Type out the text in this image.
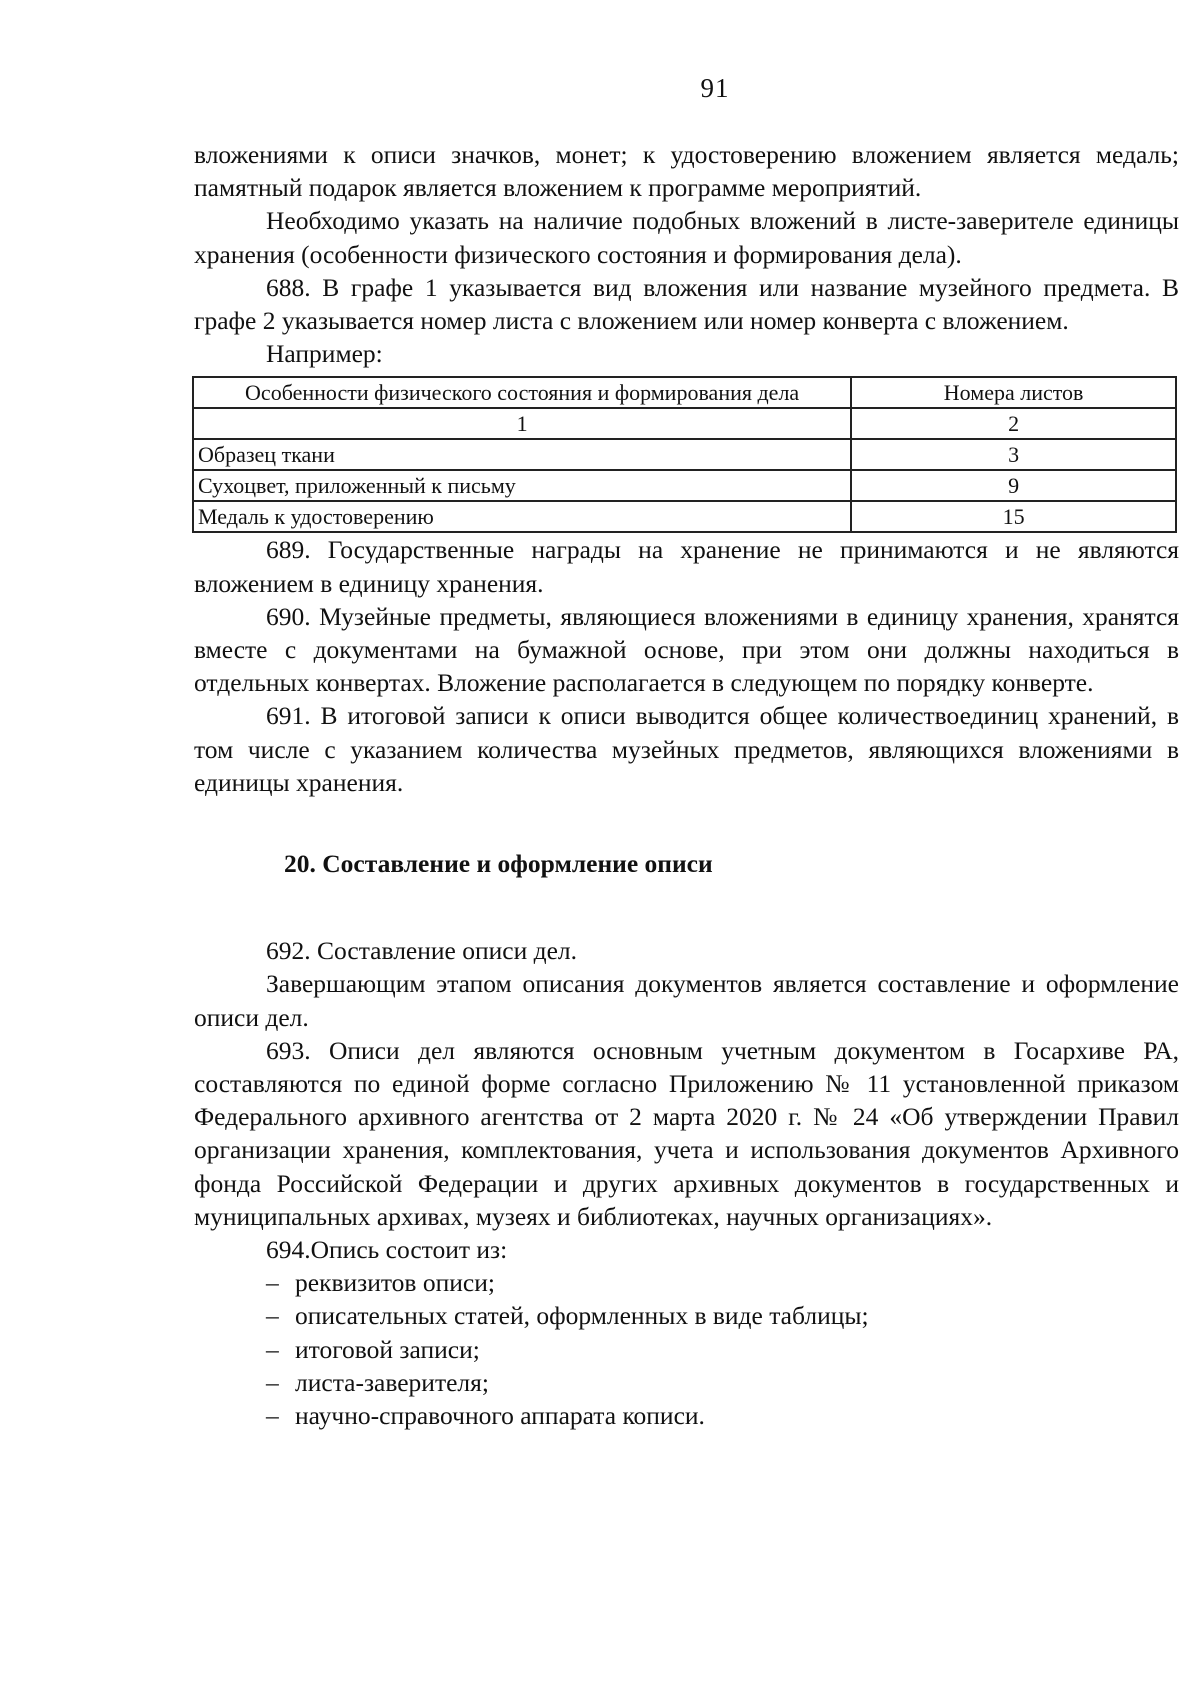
91

вложениями к описи значков, монет; к удостоверению вложением является медаль; памятный подарок является вложением к программе мероприятий.

Необходимо указать на наличие подобных вложений в листе-заверителе единицы хранения (особенности физического состояния и формирования дела).

688. В графе 1 указывается вид вложения или название музейного предмета. В графе 2 указывается номер листа с вложением или номер конверта с вложением.

Например:

Особенности физического состояния и формирования дела	Номера листов
1	2
Образец ткани	3
Сухоцвет, приложенный к письму	9
Медаль к удостоверению	15

689. Государственные награды на хранение не принимаются и не являются вложением в единицу хранения.

690. Музейные предметы, являющиеся вложениями в единицу хранения, хранятся вместе с документами на бумажной основе, при этом они должны находиться в отдельных конвертах. Вложение располагается в следующем по порядку конверте.

691. В итоговой записи к описи выводится общее количествоединиц хранений, в том числе с указанием количества музейных предметов, являющихся вложениями в единицы хранения.

20. Составление и оформление описи

692. Составление описи дел.

Завершающим этапом описания документов является составление и оформление описи дел.

693. Описи дел являются основным учетным документом в Госархиве РА, составляются по единой форме согласно Приложению № 11 установленной приказом Федерального архивного агентства от 2 марта 2020 г. № 24 «Об утверждении Правил организации хранения, комплектования, учета и использования документов Архивного фонда Российской Федерации и других архивных документов в государственных и муниципальных архивах, музеях и библиотеках, научных организациях».

694.Опись состоит из:

– реквизитов описи;

– описательных статей, оформленных в виде таблицы;

– итоговой записи;

– листа-заверителя;

– научно-справочного аппарата кописи.
